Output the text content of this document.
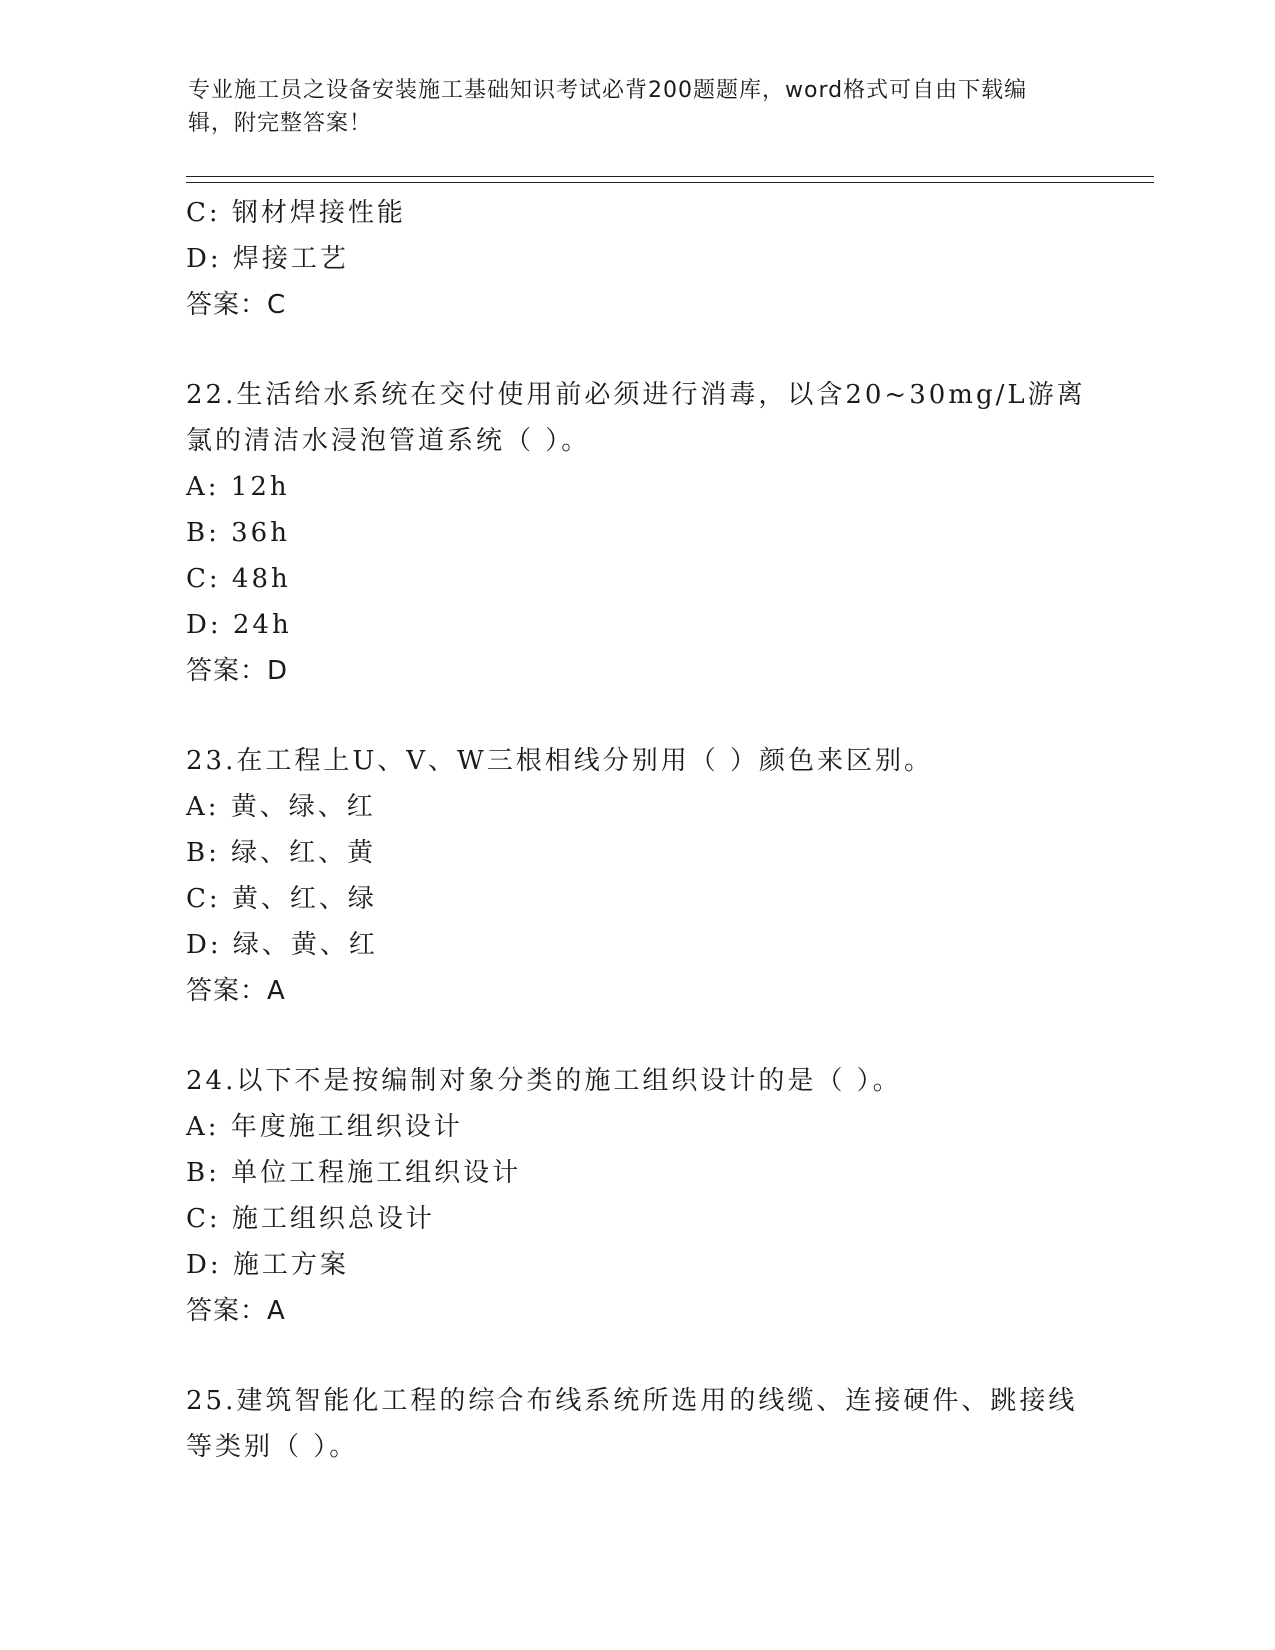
专业施工员之设备安装施工基础知识考试必背200题题库，word格式可自由下载编辑，附完整答案！
C: 钢材焊接性能
D: 焊接工艺
答案：C
22.生活给水系统在交付使用前必须进行消毒，以含20~30mg/L游离氯的清洁水浸泡管道系统（ ）。
A: 12h
B: 36h
C: 48h
D: 24h
答案：D
23.在工程上U、V、W三根相线分别用（ ）颜色来区别。
A: 黄、绿、红
B: 绿、红、黄
C: 黄、红、绿
D: 绿、黄、红
答案：A
24.以下不是按编制对象分类的施工组织设计的是（ ）。
A: 年度施工组织设计
B: 单位工程施工组织设计
C: 施工组织总设计
D: 施工方案
答案：A
25.建筑智能化工程的综合布线系统所选用的线缆、连接硬件、跳接线等类别（ ）。
